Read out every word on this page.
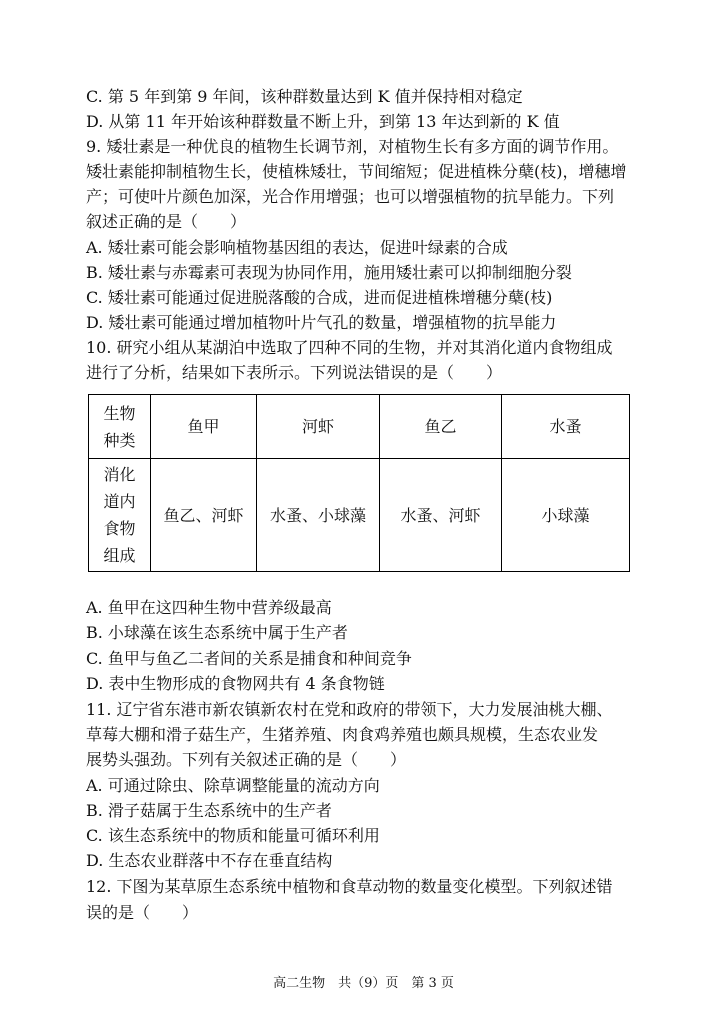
C. 第 5 年到第 9 年间，该种群数量达到 K 值并保持相对稳定
D. 从第 11 年开始该种群数量不断上升，到第 13 年达到新的 K 值
9. 矮壮素是一种优良的植物生长调节剂，对植物生长有多方面的调节作用。
矮壮素能抑制植物生长，使植株矮壮，节间缩短；促进植株分蘖(枝)，增穗增
产；可使叶片颜色加深，光合作用增强；也可以增强植物的抗旱能力。下列
叙述正确的是（　　）
A. 矮壮素可能会影响植物基因组的表达，促进叶绿素的合成
B. 矮壮素与赤霉素可表现为协同作用，施用矮壮素可以抑制细胞分裂
C. 矮壮素可能通过促进脱落酸的合成，进而促进植株增穗分蘖(枝)
D. 矮壮素可能通过增加植物叶片气孔的数量，增强植物的抗旱能力
10. 研究小组从某湖泊中选取了四种不同的生物，并对其消化道内食物组成
进行了分析，结果如下表所示。下列说法错误的是（　　）
生物种类	鱼甲	河虾	鱼乙	水蚤

消化道内食物组成	鱼乙、河虾	水蚤、小球藻	水蚤、河虾	小球藻
A. 鱼甲在这四种生物中营养级最高
B. 小球藻在该生态系统中属于生产者
C. 鱼甲与鱼乙二者间的关系是捕食和种间竞争
D. 表中生物形成的食物网共有 4 条食物链
11. 辽宁省东港市新农镇新农村在党和政府的带领下，大力发展油桃大棚、
草莓大棚和滑子菇生产，生猪养殖、肉食鸡养殖也颇具规模，生态农业发
展势头强劲。下列有关叙述正确的是（　　）
A. 可通过除虫、除草调整能量的流动方向
B. 滑子菇属于生态系统中的生产者
C. 该生态系统中的物质和能量可循环利用
D. 生态农业群落中不存在垂直结构
12. 下图为某草原生态系统中植物和食草动物的数量变化模型。下列叙述错
误的是（　　）
高二生物　共（9）页　第 3 页
